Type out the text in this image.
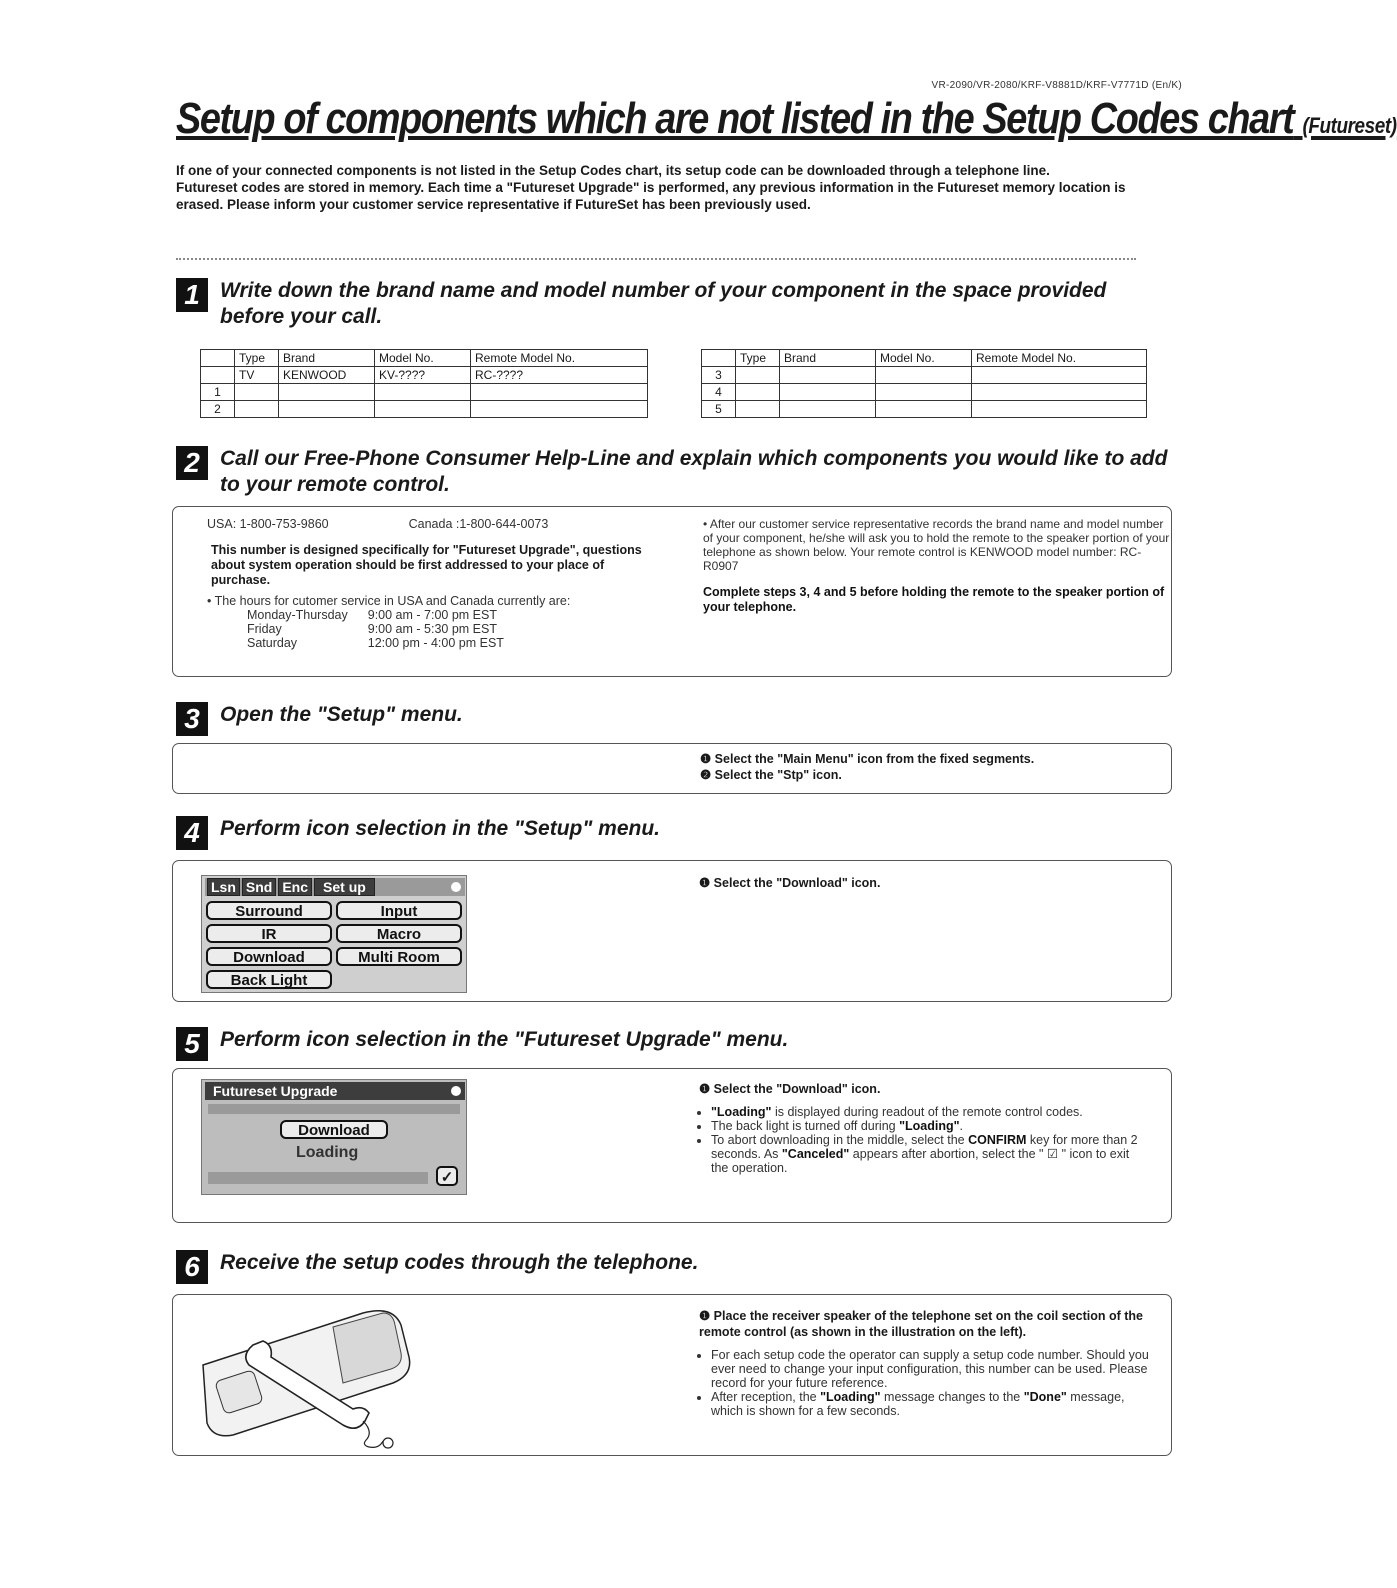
VR-2090/VR-2080/KRF-V8881D/KRF-V7771D (En/K)
Setup of components which are not listed in the Setup Codes chart (Futureset)

If one of your connected components is not listed in the Setup Codes chart, its setup code can be downloaded through a telephone line.

Futureset codes are stored in memory. Each time a "Futureset Upgrade" is performed, any previous information in the Futureset memory location is erased. Please inform your customer service representative if FutureSet has been previously used.

1 Write down the brand name and model number of your component in the space provided before your call.
	Type	Brand	Model No.	Remote Model No.
	TV	KENWOOD	KV-????	RC-????
1				
2				
	Type	Brand	Model No.	Remote Model No.
3				
4				
5				
2 Call our Free-Phone Consumer Help-Line and explain which components you would like to add to your remote control.
USA: 1-800-753-9860	Canada :1-800-644-0073
This number is designed specifically for "Futureset Upgrade", questions about system operation should be first addressed to your place of purchase.
• The hours for cutomer service in USA and Canada currently are:
Monday-Thursday	9:00 am - 7:00 pm EST
Friday	9:00 am - 5:30 pm EST
Saturday	12:00 pm - 4:00 pm EST
• After our customer service representative records the brand name and model number of your component, he/she will ask you to hold the remote to the speaker portion of your telephone as shown below. Your remote control is KENWOOD model number: RC-R0907
Complete steps 3, 4 and 5 before holding the remote to the speaker portion of your telephone.
3 Open the "Setup" menu.
❶ Select the "Main Menu" icon from the fixed segments.
❷ Select the "Stp" icon.
4 Perform icon selection in the "Setup" menu.
Lsn Snd Enc	Set up
Surround	Input
IR	Macro
Download	Multi Room
Back Light
❶ Select the "Download" icon.
5 Perform icon selection in the "Futureset Upgrade" menu.
Futureset Upgrade
Download
Loading
✓
❶ Select the "Download" icon.
• "Loading" is displayed during readout of the remote control codes.
• The back light is turned off during "Loading".
• To abort downloading in the middle, select the CONFIRM key for more than 2 seconds. As "Canceled" appears after abortion, select the " ☑ " icon to exit the operation.
6 Receive the setup codes through the telephone.
❶ Place the receiver speaker of the telephone set on the coil section of the remote control (as shown in the illustration on the left).
• For each setup code the operator can supply a setup code number. Should you ever need to change your input configuration, this number can be used. Please record for your future reference.
• After reception, the "Loading" message changes to the "Done" message, which is shown for a few seconds.
